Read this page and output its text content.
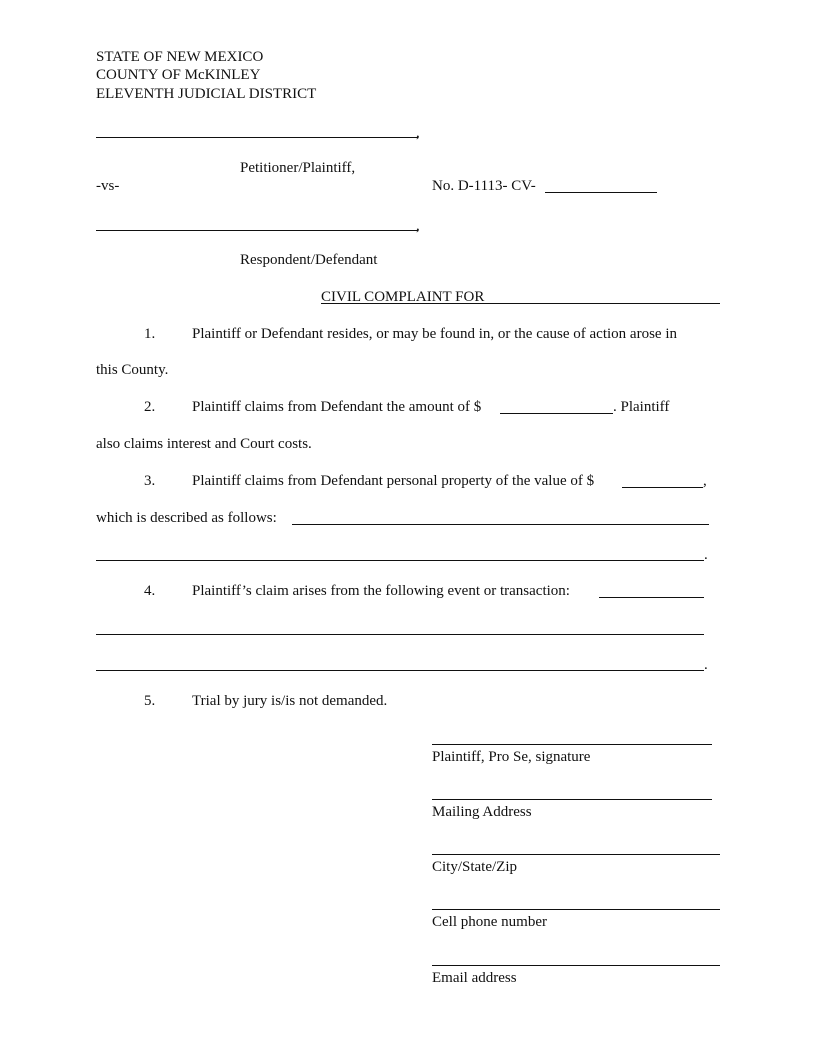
STATE OF NEW MEXICO
COUNTY OF McKINLEY
ELEVENTH JUDICIAL DISTRICT
,
Petitioner/Plaintiff,
-vs-	No. D-1113- CV-
,
Respondent/Defendant
CIVIL COMPLAINT FOR
1. Plaintiff or Defendant resides, or may be found in, or the cause of action arose in
this County.
2. Plaintiff claims from Defendant the amount of $	. Plaintiff
also claims interest and Court costs.
3. Plaintiff claims from Defendant personal property of the value of $	,
which is described as follows:
.
4. Plaintiff’s claim arises from the following event or transaction:
.
5. Trial by jury is/is not demanded.
Plaintiff, Pro Se, signature
Mailing Address
City/State/Zip
Cell phone number
Email address
